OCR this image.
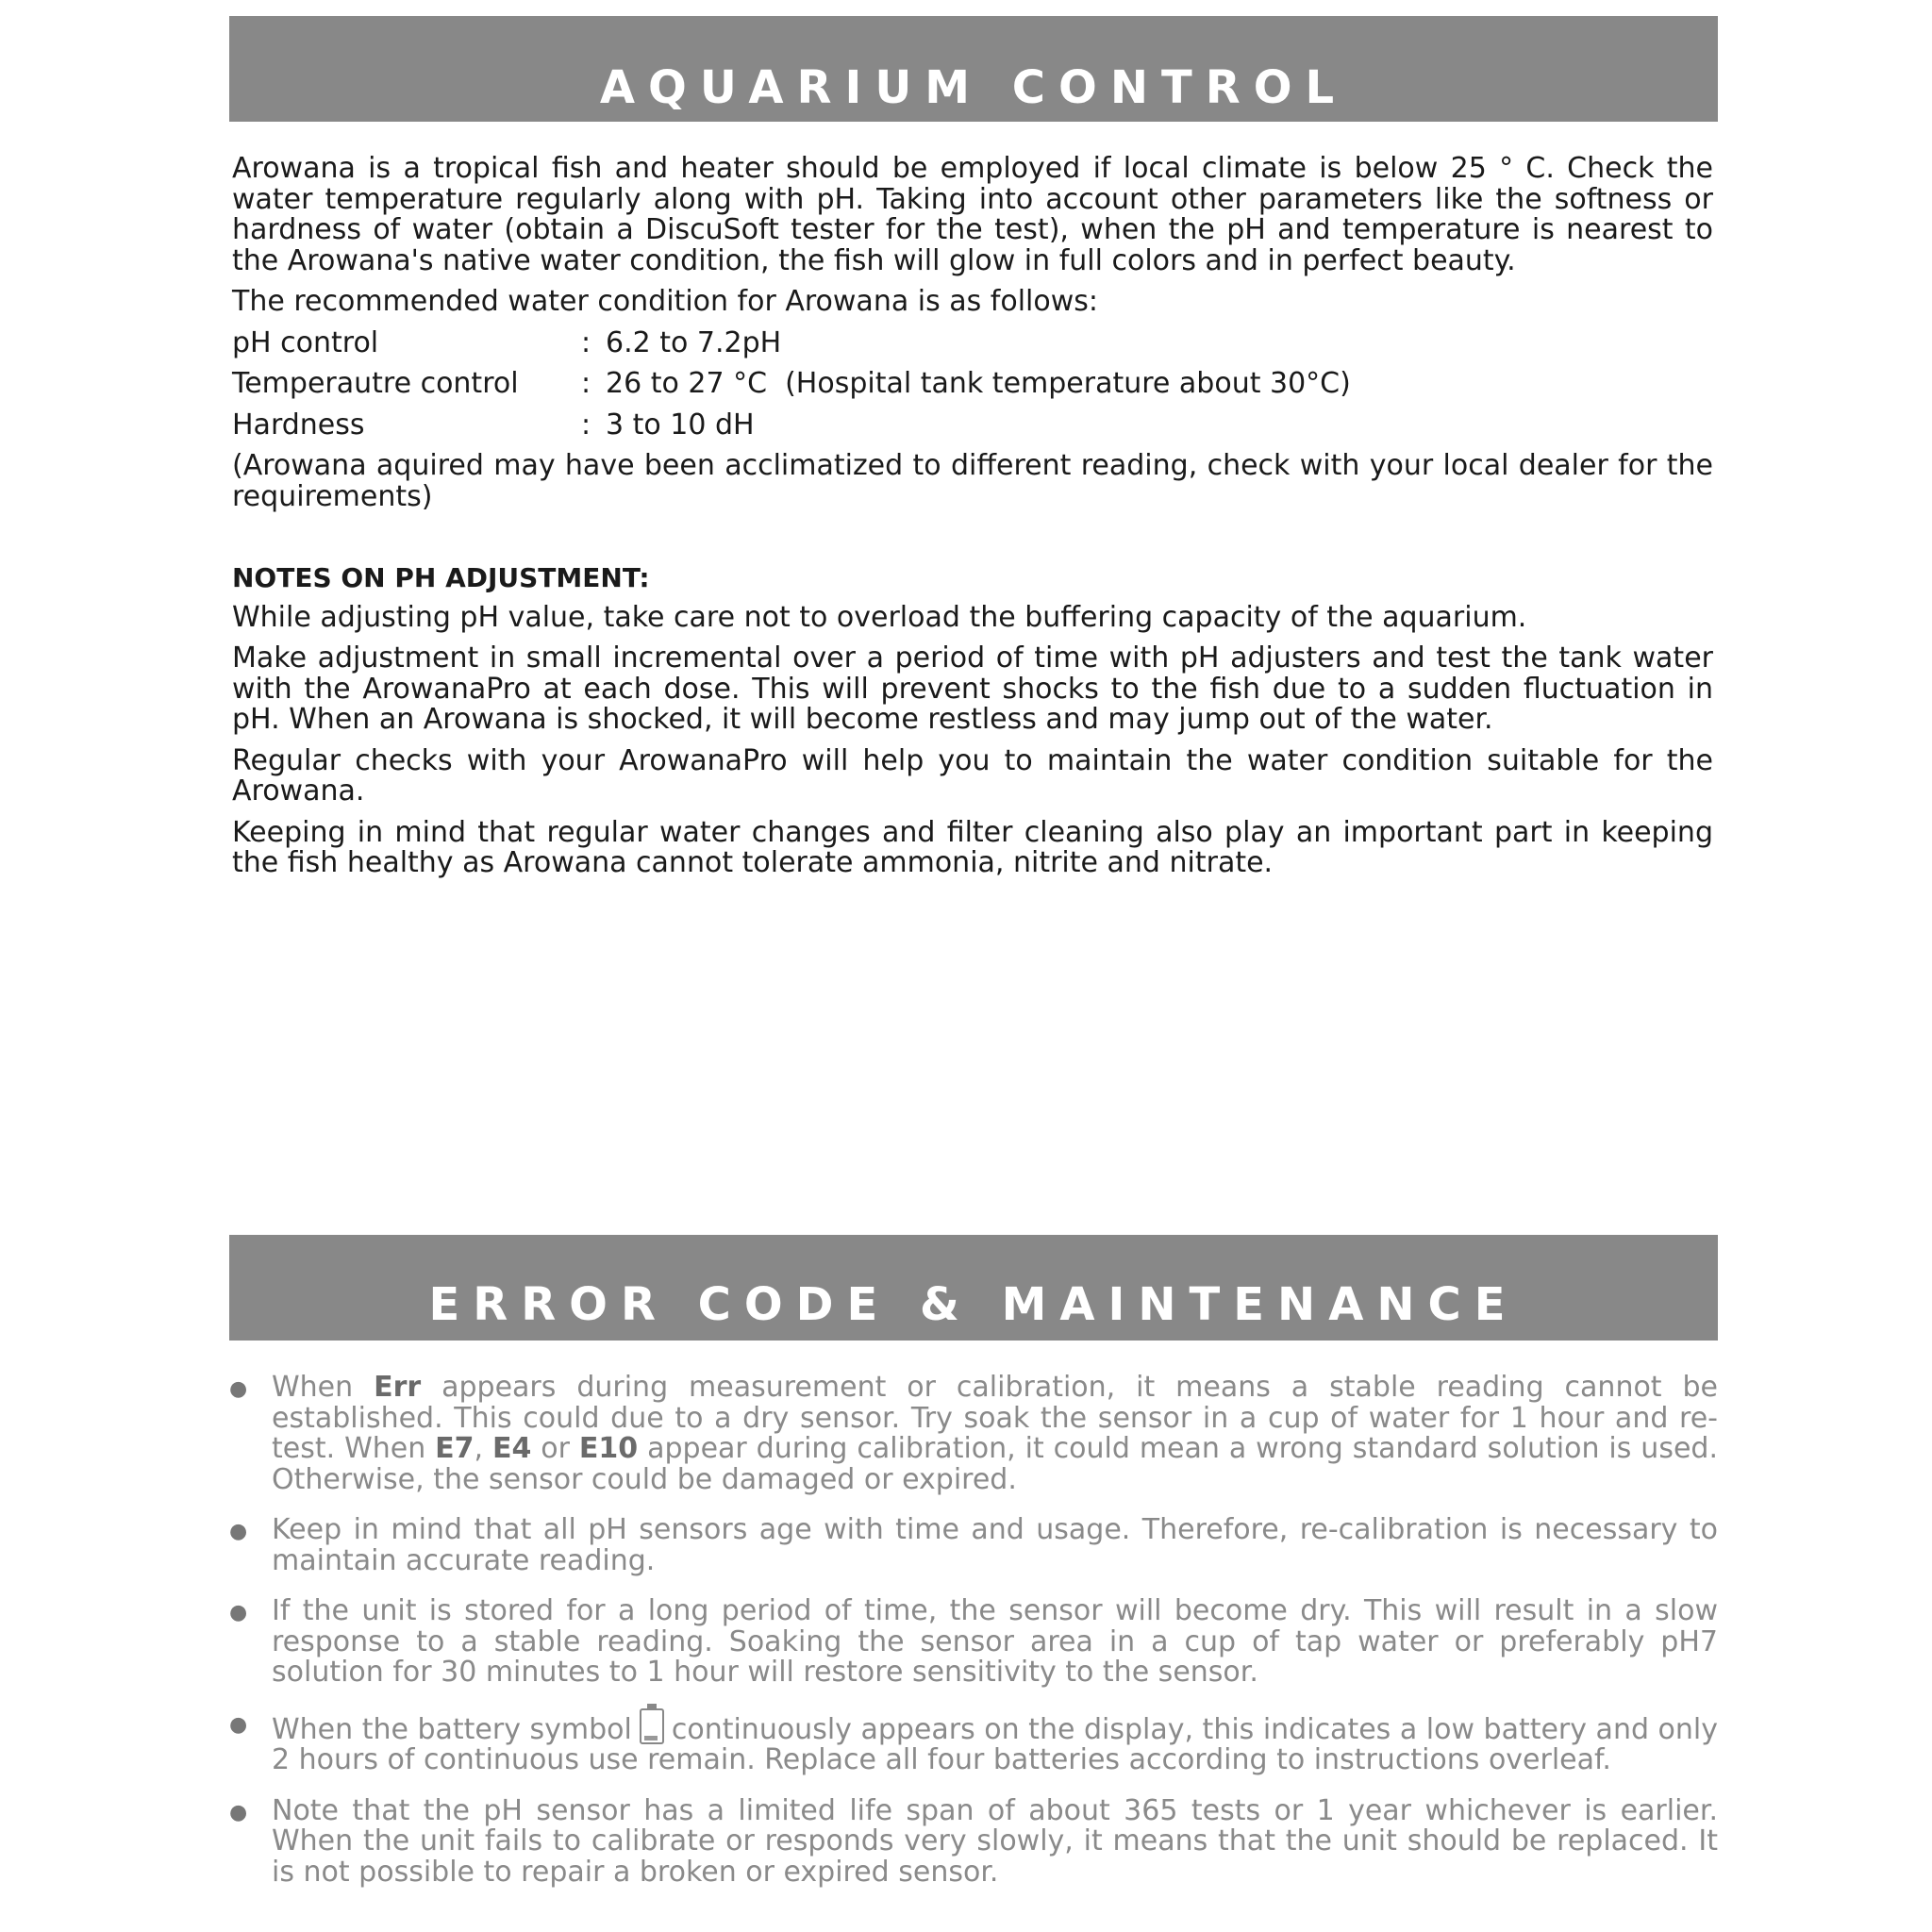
AQUARIUM CONTROL

Arowana is a tropical fish and heater should be employed if local climate is below 25 ° C. Check the water temperature regularly along with pH. Taking into account other parameters like the softness or hardness of water (obtain a DiscuSoft tester for the test), when the pH and temperature is nearest to the Arowana's native water condition, the fish will glow in full colors and in perfect beauty.

The recommended water condition for Arowana is as follows:

pH control	: 6.2 to 7.2pH
Temperautre control	: 26 to 27 °C  (Hospital tank temperature about 30°C)
Hardness	: 3 to 10 dH

(Arowana aquired may have been acclimatized to different reading, check with your local dealer for the requirements)

NOTES ON PH ADJUSTMENT:

While adjusting pH value, take care not to overload the buffering capacity of the aquarium.

Make adjustment in small incremental over a period of time with pH adjusters and test the tank water with the ArowanaPro at each dose. This will prevent shocks to the fish due to a sudden fluctuation in pH. When an Arowana is shocked, it will become restless and may jump out of the water.

Regular checks with your ArowanaPro will help you to maintain the water condition suitable for the Arowana.

Keeping in mind that regular water changes and filter cleaning also play an important part in keeping the fish healthy as Arowana cannot tolerate ammonia, nitrite and nitrate.

ERROR CODE & MAINTENANCE
● When Err appears during measurement or calibration, it means a stable reading cannot be established. This could due to a dry sensor. Try soak the sensor in a cup of water for 1 hour and re-test. When E7, E4 or E10 appear during calibration, it could mean a wrong standard solution is used. Otherwise, the sensor could be damaged or expired.
● Keep in mind that all pH sensors age with time and usage. Therefore, re-calibration is necessary to maintain accurate reading.
● If the unit is stored for a long period of time, the sensor will become dry. This will result in a slow response to a stable reading. Soaking the sensor area in a cup of tap water or preferably pH7 solution for 30 minutes to 1 hour will restore sensitivity to the sensor.
● When the battery symbol continuously appears on the display, this indicates a low battery and only 2 hours of continuous use remain. Replace all four batteries according to instructions overleaf.
● Note that the pH sensor has a limited life span of about 365 tests or 1 year whichever is earlier. When the unit fails to calibrate or responds very slowly, it means that the unit should be replaced. It is not possible to repair a broken or expired sensor.
